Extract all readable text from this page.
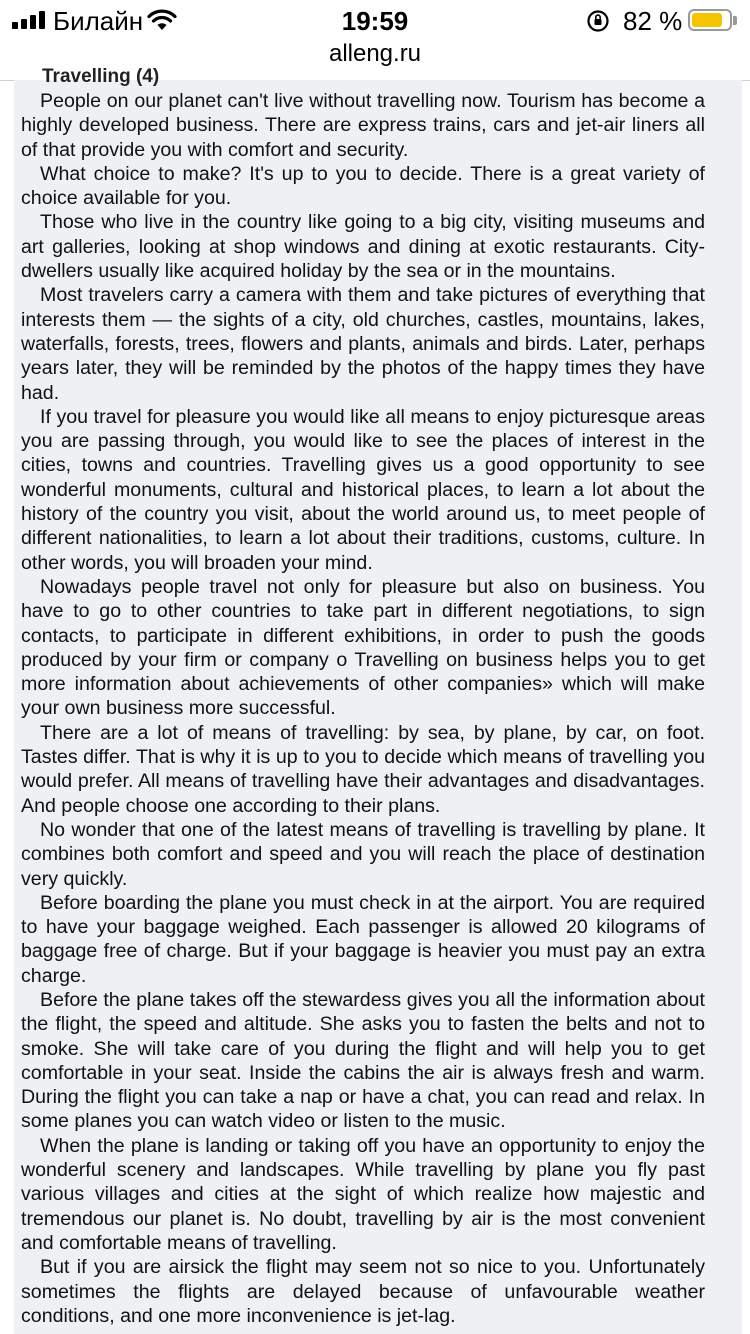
Билайн	19:59	82 %
alleng.ru
Travelling (4)

People on our planet can't live without travelling now. Tourism has become a highly developed business. There are express trains, cars and jet-air liners all of that provide you with comfort and security.

What choice to make? It's up to you to decide. There is a great variety of choice available for you.

Those who live in the country like going to a big city, visiting museums and art galleries, looking at shop windows and dining at exotic restaurants. City-dwellers usually like acquired holiday by the sea or in the mountains.

Most travelers carry a camera with them and take pictures of everything that interests them — the sights of a city, old churches, castles, mountains, lakes, waterfalls, forests, trees, flowers and plants, animals and birds. Later, perhaps years later, they will be reminded by the photos of the happy times they have had.

If you travel for pleasure you would like all means to enjoy picturesque areas you are passing through, you would like to see the places of interest in the cities, towns and countries. Travelling gives us a good opportunity to see wonderful monuments, cultural and historical places, to learn a lot about the history of the country you visit, about the world around us, to meet people of different nationalities, to learn a lot about their traditions, customs, culture. In other words, you will broaden your mind.

Nowadays people travel not only for pleasure but also on business. You have to go to other countries to take part in different negotiations, to sign contacts, to participate in different exhibitions, in order to push the goods produced by your firm or company o Travelling on business helps you to get more information about achievements of other companies» which will make your own business more successful.

There are a lot of means of travelling: by sea, by plane, by car, on foot. Tastes differ. That is why it is up to you to decide which means of travelling you would prefer. All means of travelling have their advantages and disadvantages. And people choose one according to their plans.

No wonder that one of the latest means of travelling is travelling by plane. It combines both comfort and speed and you will reach the place of destination very quickly.

Before boarding the plane you must check in at the airport. You are required to have your baggage weighed. Each passenger is allowed 20 kilograms of baggage free of charge. But if your baggage is heavier you must pay an extra charge.

Before the plane takes off the stewardess gives you all the information about the flight, the speed and altitude. She asks you to fasten the belts and not to smoke. She will take care of you during the flight and will help you to get comfortable in your seat. Inside the cabins the air is always fresh and warm. During the flight you can take a nap or have a chat, you can read and relax. In some planes you can watch video or listen to the music.

When the plane is landing or taking off you have an opportunity to enjoy the wonderful scenery and landscapes. While travelling by plane you fly past various villages and cities at the sight of which realize how majestic and tremendous our planet is. No doubt, travelling by air is the most convenient and comfortable means of travelling.

But if you are airsick the flight may seem not so nice to you. Unfortunately sometimes the flights are delayed because of unfavourable weather conditions, and one more inconvenience is jet-lag.
